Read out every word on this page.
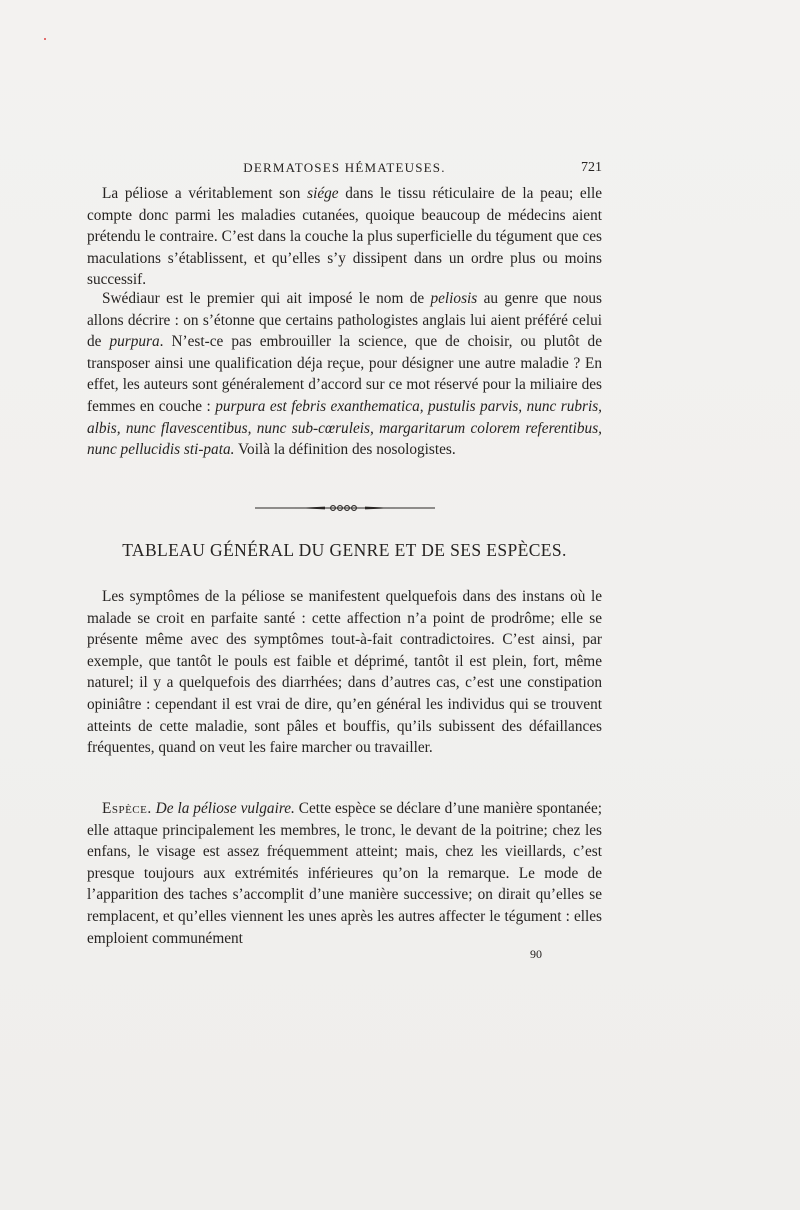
DERMATOSES HÉMATEUSES.	721

La péliose a véritablement son siége dans le tissu réticulaire de la peau; elle compte donc parmi les maladies cutanées, quoique beaucoup de médecins aient prétendu le contraire. C’est dans la couche la plus superficielle du tégument que ces maculations s’établissent, et qu’elles s’y dissipent dans un ordre plus ou moins successif.

Swédiaur est le premier qui ait imposé le nom de peliosis au genre que nous allons décrire : on s’étonne que certains pathologistes anglais lui aient préféré celui de purpura. N’est-ce pas embrouiller la science, que de choisir, ou plutôt de transposer ainsi une qualification déja reçue, pour désigner une autre maladie ? En effet, les auteurs sont généralement d’accord sur ce mot réservé pour la miliaire des femmes en couche : purpura est febris exanthematica, pustulis parvis, nunc rubris, albis, nunc flavescentibus, nunc sub-cœruleis, margaritarum colorem referentibus, nunc pellucidis sti-pata. Voilà la définition des nosologistes.

TABLEAU GÉNÉRAL DU GENRE ET DE SES ESPÈCES.

Les symptômes de la péliose se manifestent quelquefois dans des instans où le malade se croit en parfaite santé : cette affection n’a point de prodrôme; elle se présente même avec des symptômes tout-à-fait contradictoires. C’est ainsi, par exemple, que tantôt le pouls est faible et déprimé, tantôt il est plein, fort, même naturel; il y a quelquefois des diarrhées; dans d’autres cas, c’est une constipation opiniâtre : cependant il est vrai de dire, qu’en général les individus qui se trouvent atteints de cette maladie, sont pâles et bouffis, qu’ils subissent des défaillances fréquentes, quand on veut les faire marcher ou travailler.

Espèce. De la péliose vulgaire. Cette espèce se déclare d’une manière spontanée; elle attaque principalement les membres, le tronc, le devant de la poitrine; chez les enfans, le visage est assez fréquemment atteint; mais, chez les vieillards, c’est presque toujours aux extrémités inférieures qu’on la remarque. Le mode de l’apparition des taches s’accomplit d’une manière successive; on dirait qu’elles se remplacent, et qu’elles viennent les unes après les autres affecter le tégument : elles emploient communément

90
